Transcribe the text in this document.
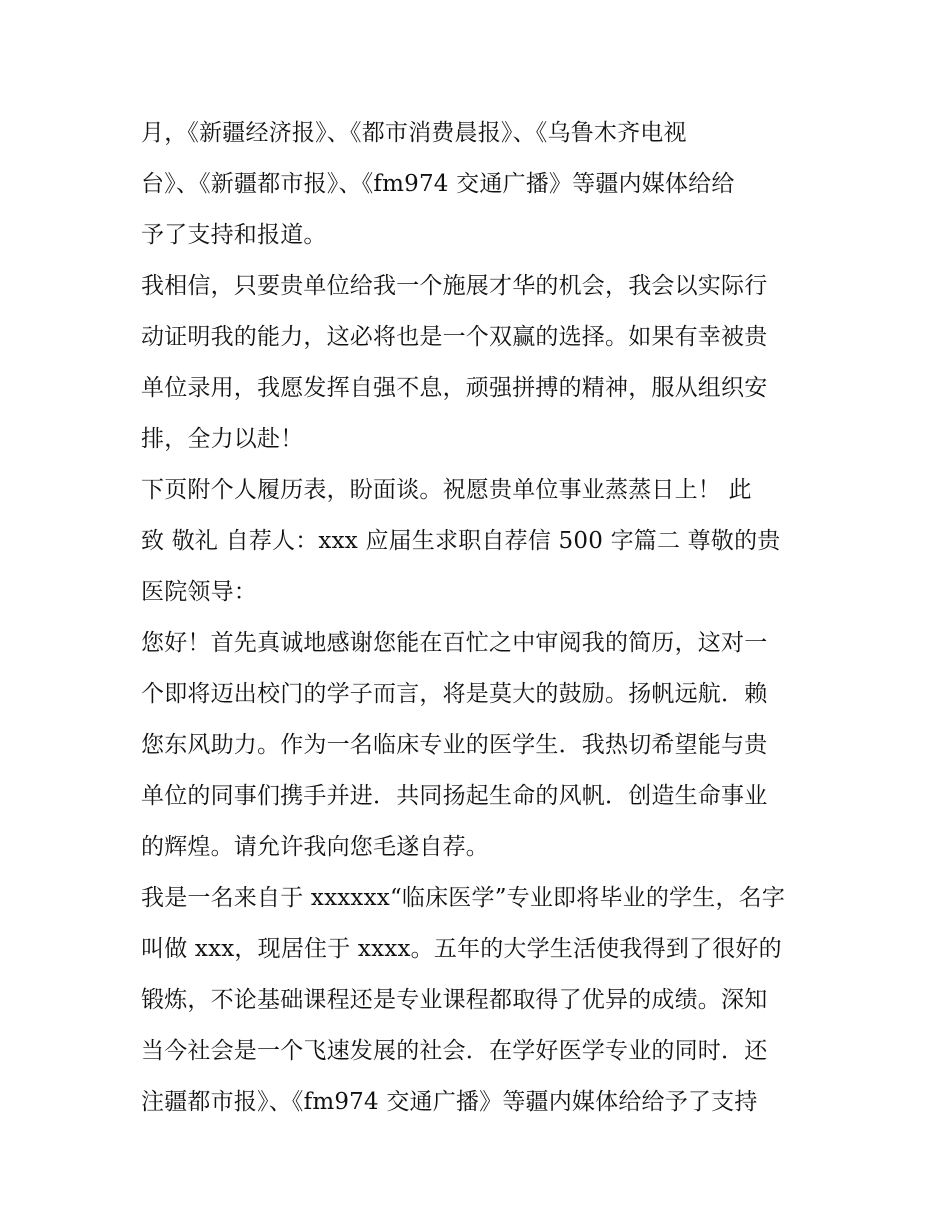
月，《新疆经济报》、《都市消费晨报》、《乌鲁木齐电视
台》、《新疆都市报》、《fm974 交通广播》等疆内媒体给给
予了支持和报道。
我相信，只要贵单位给我一个施展才华的机会，我会以实际行
动证明我的能力，这必将也是一个双赢的选择。如果有幸被贵
单位录用，我愿发挥自强不息，顽强拼搏的精神，服从组织安
排，全力以赴！
下页附个人履历表，盼面谈。祝愿贵单位事业蒸蒸日上！ 此
致 敬礼 自荐人：xxx 应届生求职自荐信 500 字篇二 尊敬的贵
医院领导：
您好！首先真诚地感谢您能在百忙之中审阅我的简历，这对一
个即将迈出校门的学子而言，将是莫大的鼓励。扬帆远航．赖
您东风助力。作为一名临床专业的医学生．我热切希望能与贵
单位的同事们携手并进．共同扬起生命的风帆．创造生命事业
的辉煌。请允许我向您毛遂自荐。
我是一名来自于 xxxxxx“临床医学”专业即将毕业的学生，名字
叫做 xxx，现居住于 xxxx。五年的大学生活使我得到了很好的
锻炼，不论基础课程还是专业课程都取得了优异的成绩。深知
当今社会是一个飞速发展的社会．在学好医学专业的同时．还
注疆都市报》、《fm974 交通广播》等疆内媒体给给予了支持
